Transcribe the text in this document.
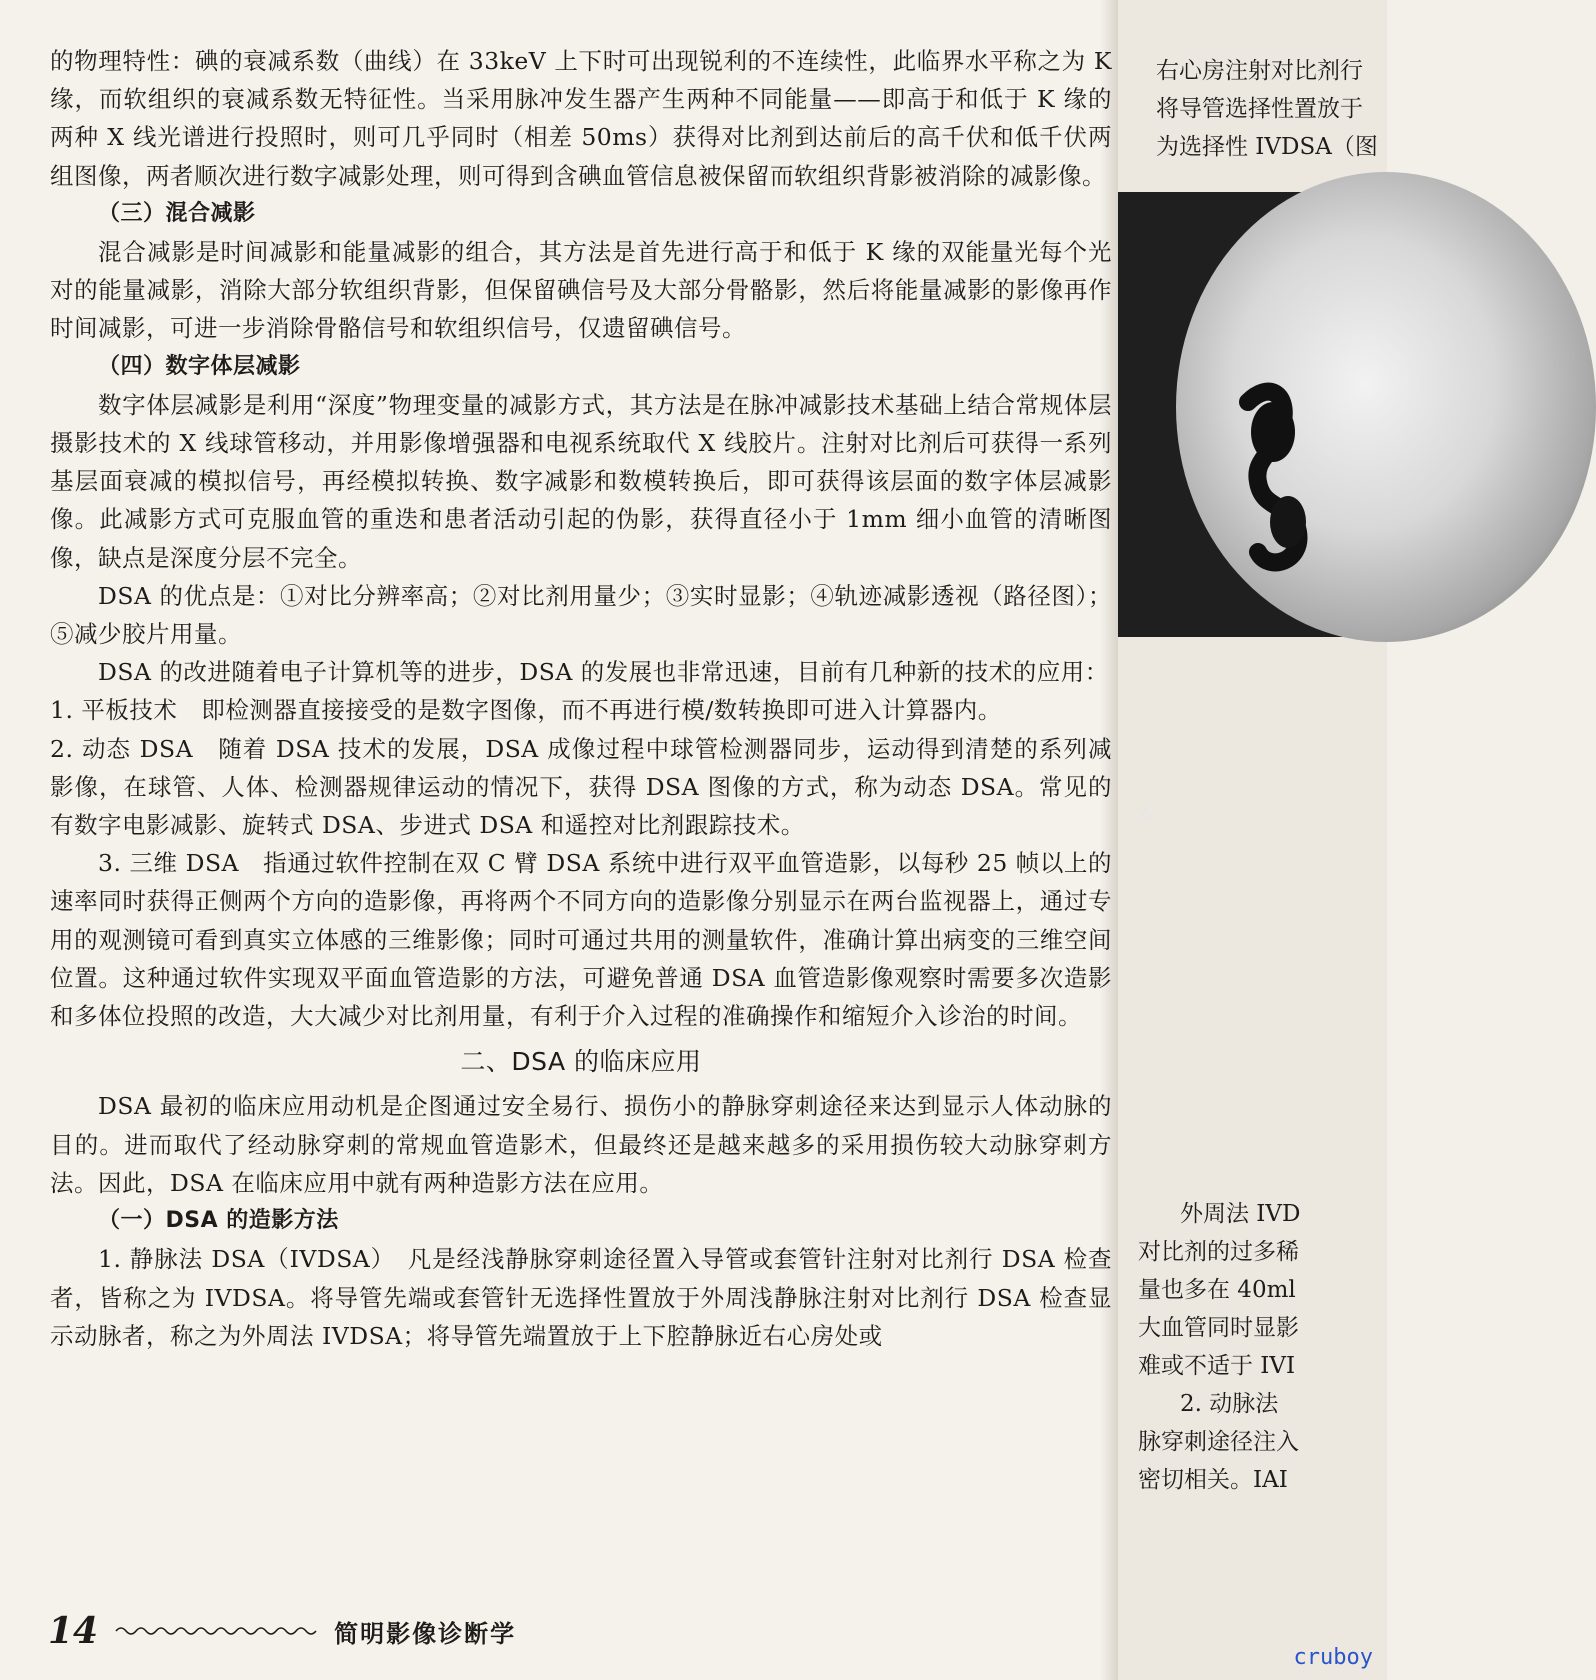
的物理特性：碘的衰减系数（曲线）在 33keV 上下时可出现锐利的不连续性，此临界水平称之为 K 缘，而软组织的衰减系数无特征性。当采用脉冲发生器产生两种不同能量——即高于和低于 K 缘的两种 X 线光谱进行投照时，则可几乎同时（相差 50ms）获得对比剂到达前后的高千伏和低千伏两组图像，两者顺次进行数字减影处理，则可得到含碘血管信息被保留而软组织背影被消除的减影像。

（三）混合减影

混合减影是时间减影和能量减影的组合，其方法是首先进行高于和低于 K 缘的双能量光每个光对的能量减影，消除大部分软组织背影，但保留碘信号及大部分骨骼影，然后将能量减影的影像再作时间减影，可进一步消除骨骼信号和软组织信号，仅遗留碘信号。

（四）数字体层减影

数字体层减影是利用“深度”物理变量的减影方式，其方法是在脉冲减影技术基础上结合常规体层摄影技术的 X 线球管移动，并用影像增强器和电视系统取代 X 线胶片。注射对比剂后可获得一系列基层面衰减的模拟信号，再经模拟转换、数字减影和数模转换后，即可获得该层面的数字体层减影像。此减影方式可克服血管的重迭和患者活动引起的伪影，获得直径小于 1mm 细小血管的清晰图像，缺点是深度分层不完全。

DSA 的优点是：①对比分辨率高；②对比剂用量少；③实时显影；④轨迹减影透视（路径图）；⑤减少胶片用量。

DSA 的改进随着电子计算机等的进步，DSA 的发展也非常迅速，目前有几种新的技术的应用：

1. 平板技术　即检测器直接接受的是数字图像，而不再进行模/数转换即可进入计算器内。

2. 动态 DSA　随着 DSA 技术的发展，DSA 成像过程中球管检测器同步，运动得到清楚的系列减影像，在球管、人体、检测器规律运动的情况下，获得 DSA 图像的方式，称为动态 DSA。常见的有数字电影减影、旋转式 DSA、步进式 DSA 和遥控对比剂跟踪技术。

3. 三维 DSA　指通过软件控制在双 C 臂 DSA 系统中进行双平血管造影，以每秒 25 帧以上的速率同时获得正侧两个方向的造影像，再将两个不同方向的造影像分别显示在两台监视器上，通过专用的观测镜可看到真实立体感的三维影像；同时可通过共用的测量软件，准确计算出病变的三维空间位置。这种通过软件实现双平面血管造影的方法，可避免普通 DSA 血管造影像观察时需要多次造影和多体位投照的改造，大大减少对比剂用量，有利于介入过程的准确操作和缩短介入诊治的时间。

二、DSA 的临床应用

DSA 最初的临床应用动机是企图通过安全易行、损伤小的静脉穿刺途径来达到显示人体动脉的目的。进而取代了经动脉穿刺的常规血管造影术，但最终还是越来越多的采用损伤较大动脉穿刺方法。因此，DSA 在临床应用中就有两种造影方法在应用。

（一）DSA 的造影方法

1. 静脉法 DSA（IVDSA）　凡是经浅静脉穿刺途径置入导管或套管针注射对比剂行 DSA 检查者，皆称之为 IVDSA。将导管先端或套管针无选择性置放于外周浅静脉注射对比剂行 DSA 检查显示动脉者，称之为外周法 IVDSA；将导管先端置放于上下腔静脉近右心房处或

14	简明影像诊断学
右心房注射对比剂行
将导管选择性置放于
为选择性 IVDSA（图
A
外周法 IVD
对比剂的过多稀
量也多在 40ml
大血管同时显影
难或不适于 IVI
2. 动脉法
脉穿刺途径注入
密切相关。IAI
cruboy
